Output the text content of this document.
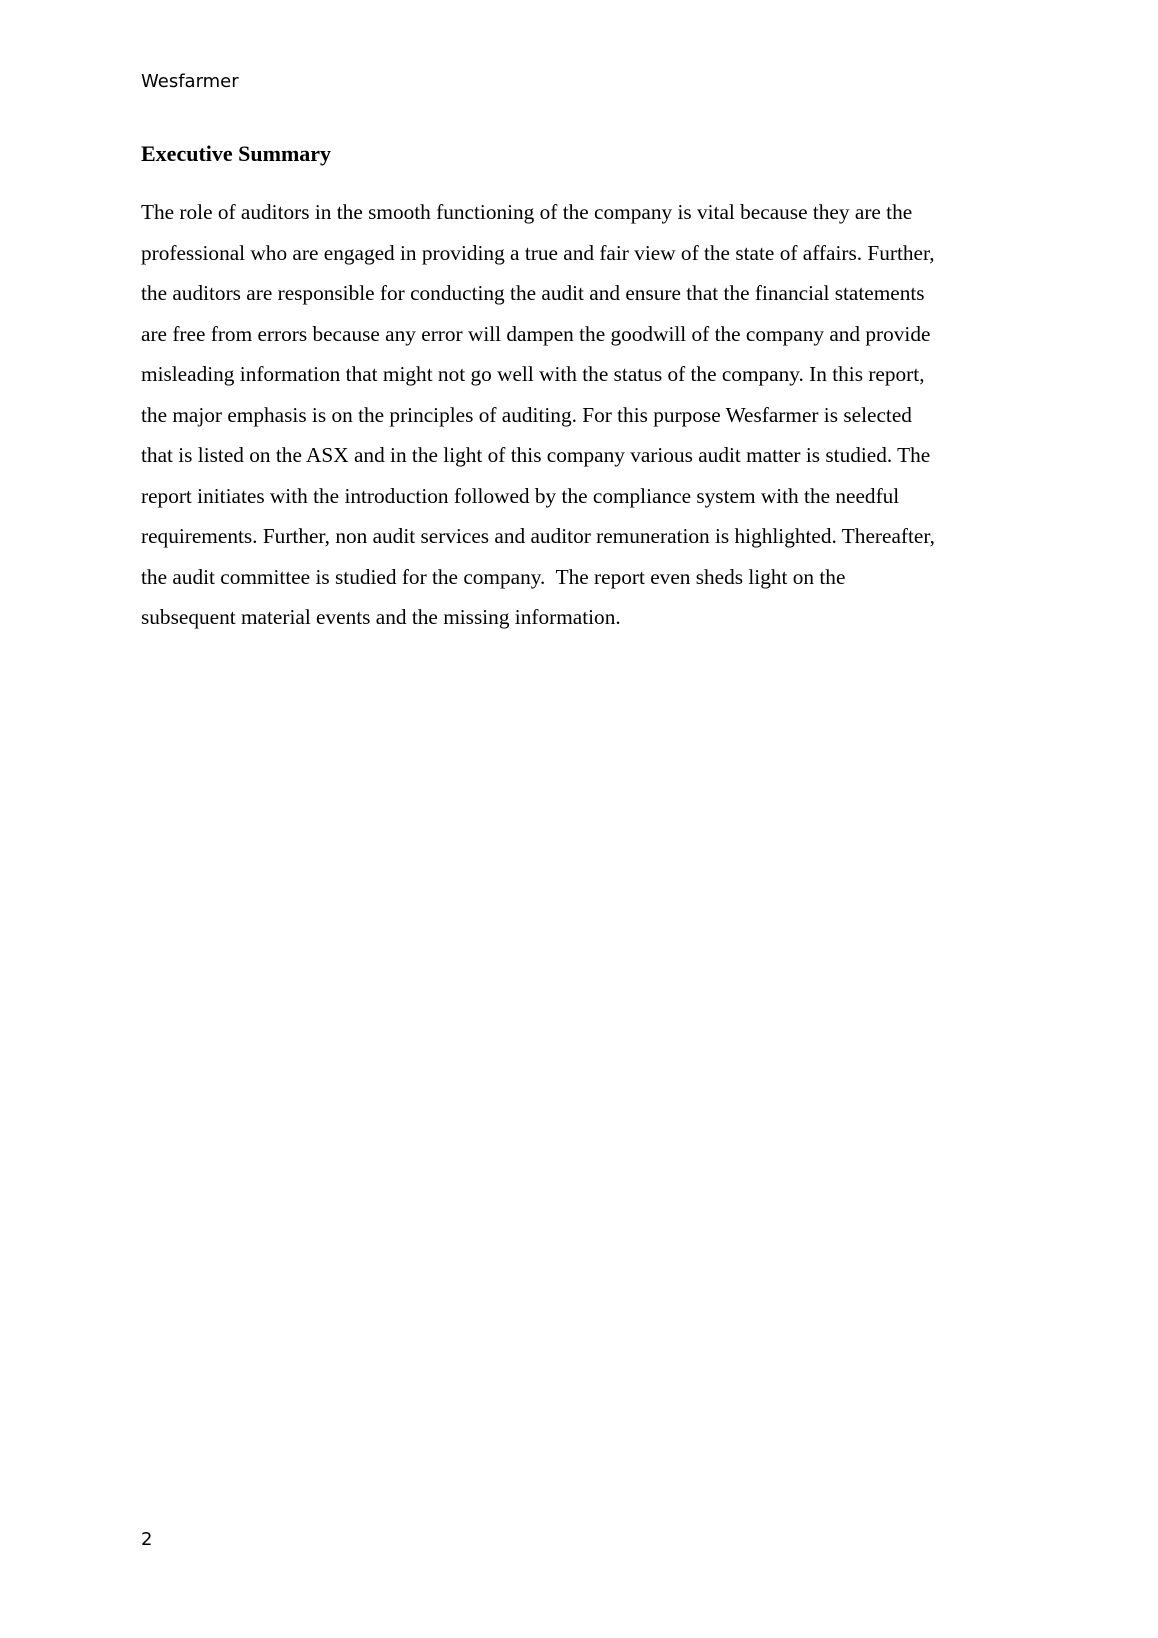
Wesfarmer
Executive Summary

The role of auditors in the smooth functioning of the company is vital because they are the
professional who are engaged in providing a true and fair view of the state of affairs. Further,
the auditors are responsible for conducting the audit and ensure that the financial statements
are free from errors because any error will dampen the goodwill of the company and provide
misleading information that might not go well with the status of the company. In this report,
the major emphasis is on the principles of auditing. For this purpose Wesfarmer is selected
that is listed on the ASX and in the light of this company various audit matter is studied. The
report initiates with the introduction followed by the compliance system with the needful
requirements. Further, non audit services and auditor remuneration is highlighted. Thereafter,
the audit committee is studied for the company.  The report even sheds light on the
subsequent material events and the missing information.

2
